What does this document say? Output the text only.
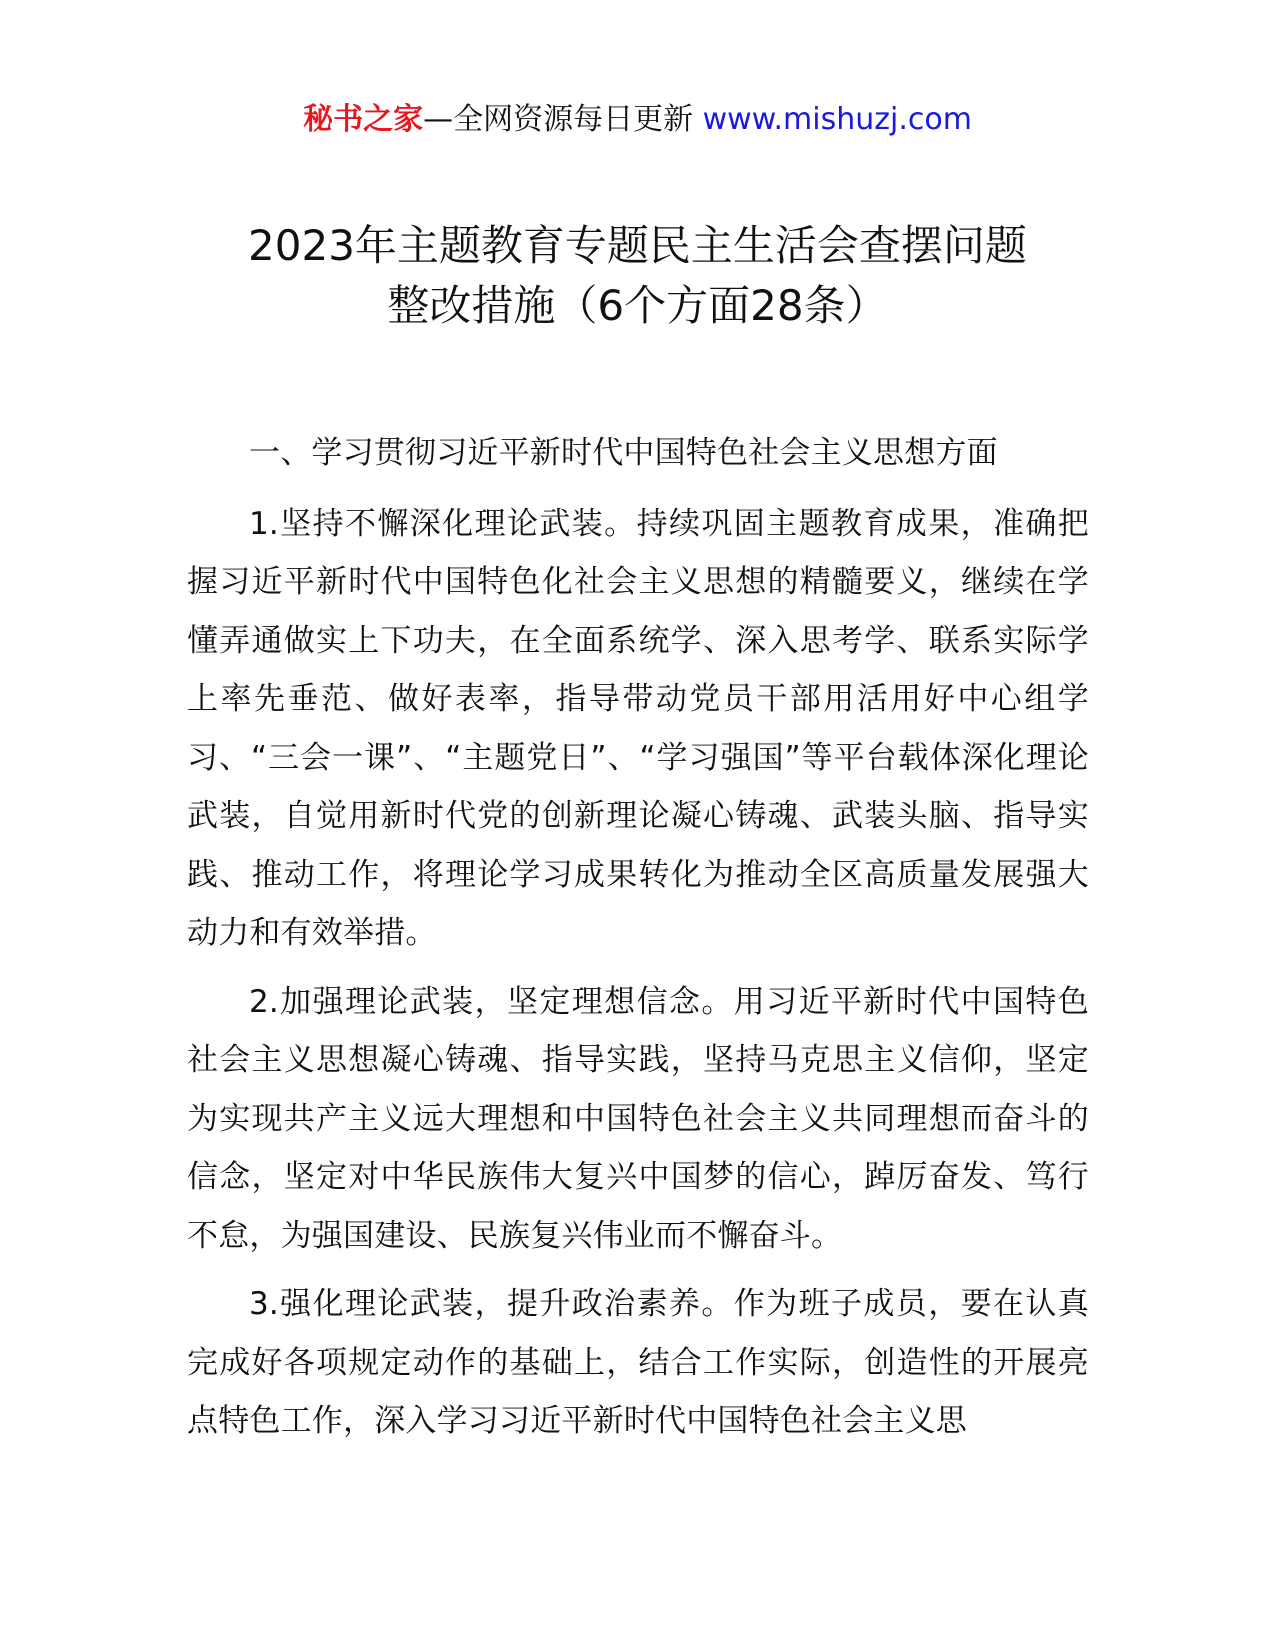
秘书之家—全网资源每日更新 www.mishuzj.com
2023年主题教育专题民主生活会查摆问题
整改措施（6个方面28条）

一、学习贯彻习近平新时代中国特色社会主义思想方面

1.坚持不懈深化理论武装。持续巩固主题教育成果，准确把握习近平新时代中国特色化社会主义思想的精髓要义，继续在学懂弄通做实上下功夫，在全面系统学、深入思考学、联系实际学上率先垂范、做好表率，指导带动党员干部用活用好中心组学习、“三会一课”、“主题党日”、“学习强国”等平台载体深化理论武装，自觉用新时代党的创新理论凝心铸魂、武装头脑、指导实践、推动工作，将理论学习成果转化为推动全区高质量发展强大动力和有效举措。

2.加强理论武装，坚定理想信念。用习近平新时代中国特色社会主义思想凝心铸魂、指导实践，坚持马克思主义信仰，坚定为实现共产主义远大理想和中国特色社会主义共同理想而奋斗的信念，坚定对中华民族伟大复兴中国梦的信心，踔厉奋发、笃行不怠，为强国建设、民族复兴伟业而不懈奋斗。

3.强化理论武装，提升政治素养。作为班子成员，要在认真完成好各项规定动作的基础上，结合工作实际，创造性的开展亮点特色工作，深入学习习近平新时代中国特色社会主义思
